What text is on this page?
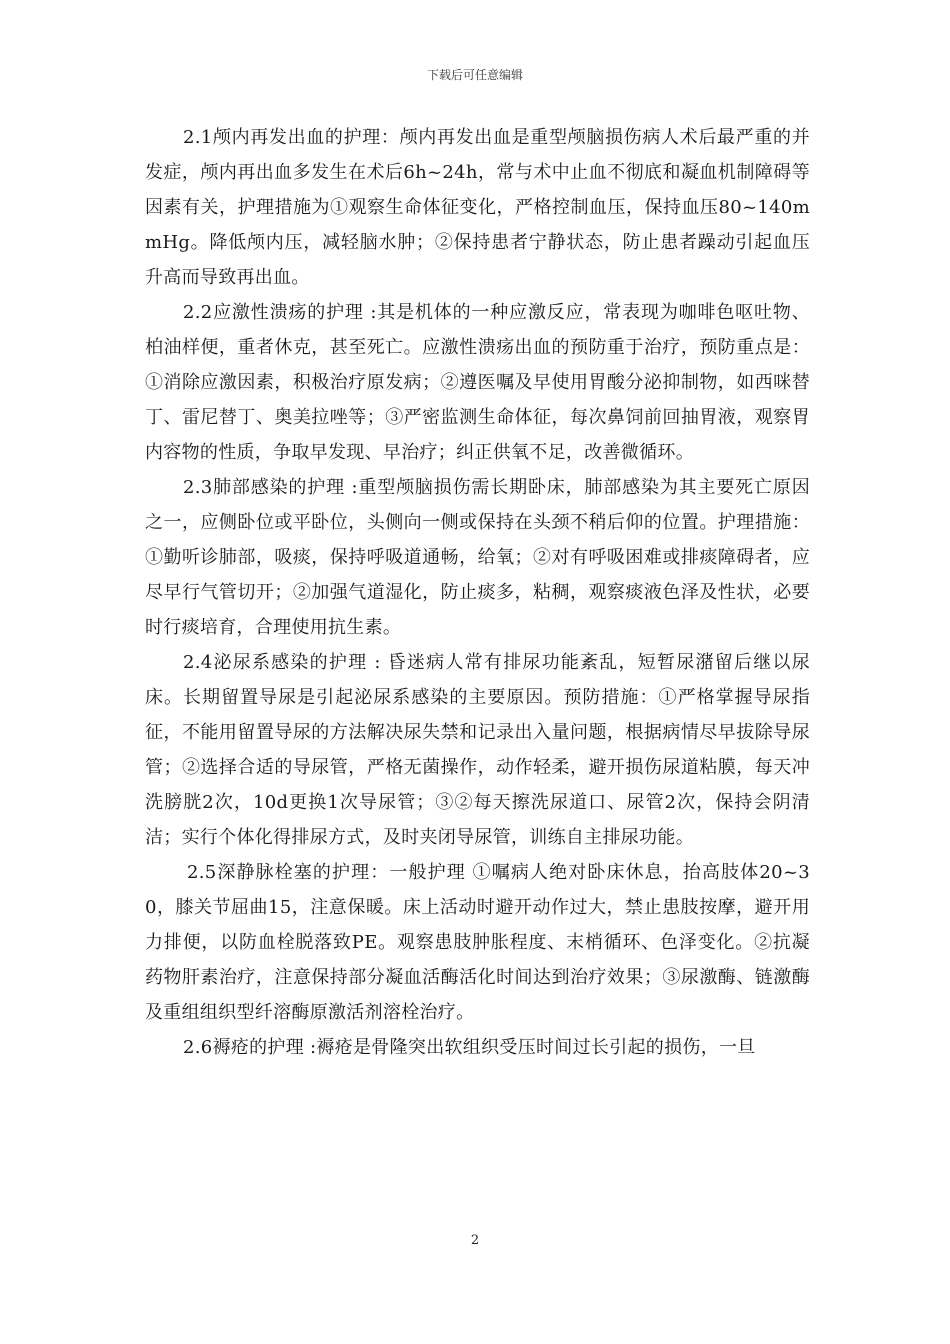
下载后可任意编辑

2.1颅内再发出血的护理：颅内再发出血是重型颅脑损伤病人术后最严重的并发症，颅内再出血多发生在术后6h~24h，常与术中止血不彻底和凝血机制障碍等因素有关，护理措施为①观察生命体征变化，严格控制血压，保持血压80~140mmHg。降低颅内压，减轻脑水肿；②保持患者宁静状态，防止患者躁动引起血压升高而导致再出血。

2.2应激性溃疡的护理 :其是机体的一种应激反应，常表现为咖啡色呕吐物、柏油样便，重者休克，甚至死亡。应激性溃疡出血的预防重于治疗，预防重点是：①消除应激因素，积极治疗原发病；②遵医嘱及早使用胃酸分泌抑制物，如西咪替丁、雷尼替丁、奥美拉唑等；③严密监测生命体征，每次鼻饲前回抽胃液，观察胃内容物的性质，争取早发现、早治疗；纠正供氧不足，改善微循环。

2.3肺部感染的护理 :重型颅脑损伤需长期卧床，肺部感染为其主要死亡原因之一，应侧卧位或平卧位，头侧向一侧或保持在头颈不稍后仰的位置。护理措施：①勤听诊肺部，吸痰，保持呼吸道通畅，给氧；②对有呼吸困难或排痰障碍者，应尽早行气管切开；②加强气道湿化，防止痰多，粘稠，观察痰液色泽及性状，必要时行痰培育，合理使用抗生素。

2.4泌尿系感染的护理 : 昏迷病人常有排尿功能紊乱，短暂尿潴留后继以尿床。长期留置导尿是引起泌尿系感染的主要原因。预防措施：①严格掌握导尿指征，不能用留置导尿的方法解决尿失禁和记录出入量问题，根据病情尽早拔除导尿管；②选择合适的导尿管，严格无菌操作，动作轻柔，避开损伤尿道粘膜，每天冲洗膀胱2次，10d更换1次导尿管；③②每天擦洗尿道口、尿管2次，保持会阴清洁；实行个体化得排尿方式，及时夹闭导尿管，训练自主排尿功能。

2.5深静脉栓塞的护理：一般护理 ①嘱病人绝对卧床休息，抬高肢体20~30，膝关节屈曲15，注意保暖。床上活动时避开动作过大，禁止患肢按摩，避开用力排便，以防血栓脱落致PE。观察患肢肿胀程度、末梢循环、色泽变化。②抗凝药物肝素治疗，注意保持部分凝血活酶活化时间达到治疗效果；③尿激酶、链激酶及重组组织型纤溶酶原激活剂溶栓治疗。

2.6褥疮的护理 :褥疮是骨隆突出软组织受压时间过长引起的损伤，一旦

2
